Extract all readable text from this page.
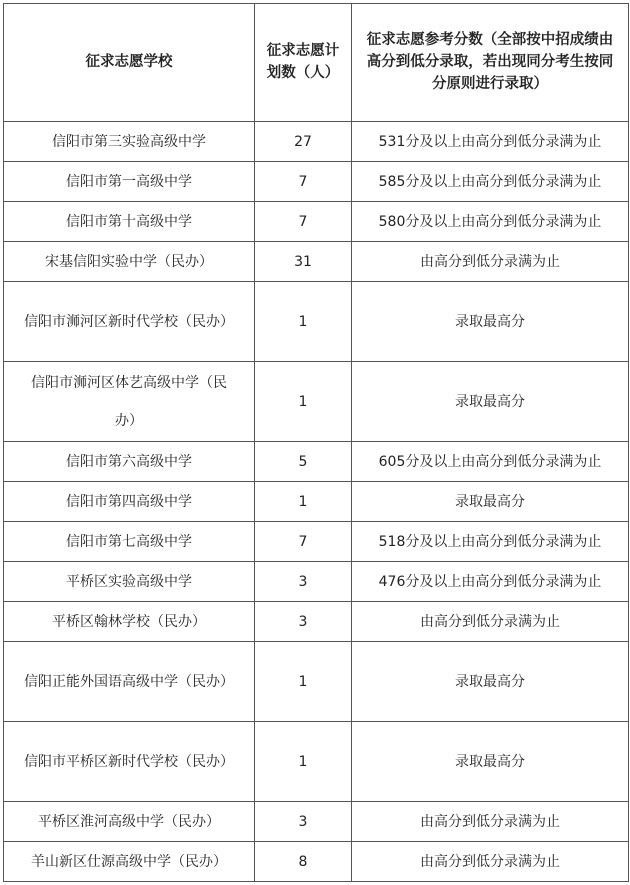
征求志愿学校	征求志愿计划数（人）	征求志愿参考分数（全部按中招成绩由高分到低分录取，若出现同分考生按同分原则进行录取）
信阳市第三实验高级中学	27	531分及以上由高分到低分录满为止
信阳市第一高级中学	7	585分及以上由高分到低分录满为止
信阳市第十高级中学	7	580分及以上由高分到低分录满为止
宋基信阳实验中学（民办）	31	由高分到低分录满为止
信阳市浉河区新时代学校（民办）	1	录取最高分
信阳市浉河区体艺高级中学（民办）	1	录取最高分
信阳市第六高级中学	5	605分及以上由高分到低分录满为止
信阳市第四高级中学	1	录取最高分
信阳市第七高级中学	7	518分及以上由高分到低分录满为止
平桥区实验高级中学	3	476分及以上由高分到低分录满为止
平桥区翰林学校（民办）	3	由高分到低分录满为止
信阳正能外国语高级中学（民办）	1	录取最高分
信阳市平桥区新时代学校（民办）	1	录取最高分
平桥区淮河高级中学（民办）	3	由高分到低分录满为止
羊山新区仕源高级中学（民办）	8	由高分到低分录满为止
